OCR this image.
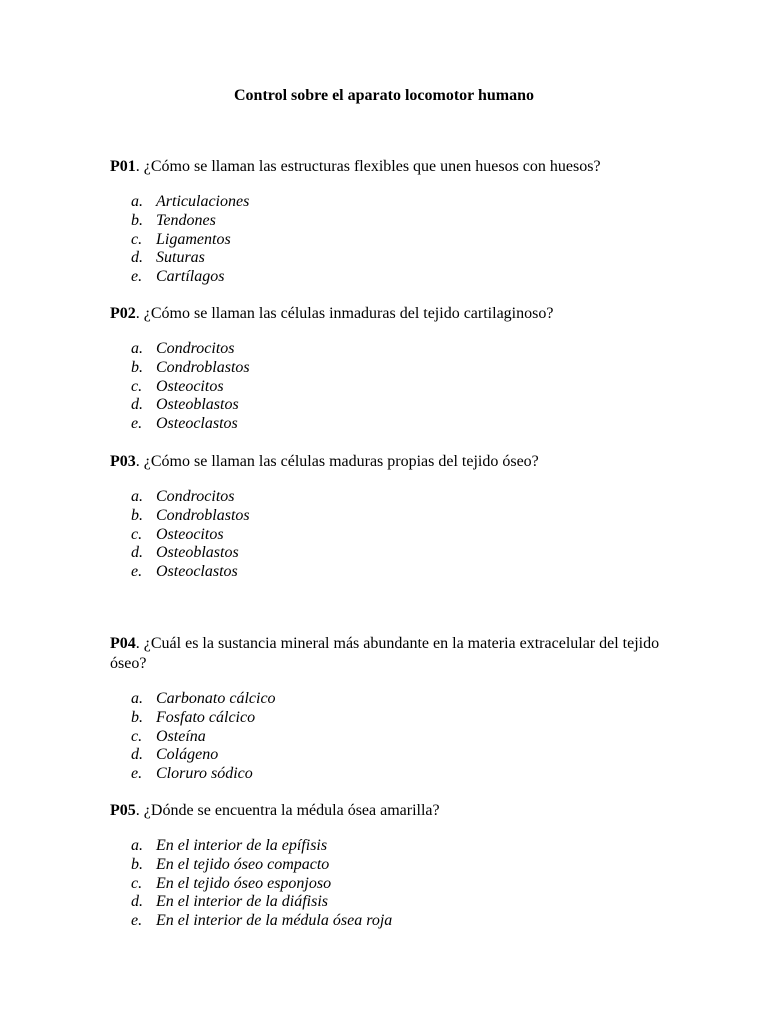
Control sobre el aparato locomotor humano

P01. ¿Cómo se llaman las estructuras flexibles que unen huesos con huesos?

a. Articulaciones
b. Tendones
c. Ligamentos
d. Suturas
e. Cartílagos

P02. ¿Cómo se llaman las células inmaduras del tejido cartilaginoso?

a. Condrocitos
b. Condroblastos
c. Osteocitos
d. Osteoblastos
e. Osteoclastos

P03. ¿Cómo se llaman las células maduras propias del tejido óseo?

a. Condrocitos
b. Condroblastos
c. Osteocitos
d. Osteoblastos
e. Osteoclastos

P04. ¿Cuál es la sustancia mineral más abundante en la materia extracelular del tejido óseo?

a. Carbonato cálcico
b. Fosfato cálcico
c. Osteína
d. Colágeno
e. Cloruro sódico

P05. ¿Dónde se encuentra la médula ósea amarilla?

a. En el interior de la epífisis
b. En el tejido óseo compacto
c. En el tejido óseo esponjoso
d. En el interior de la diáfisis
e. En el interior de la médula ósea roja
